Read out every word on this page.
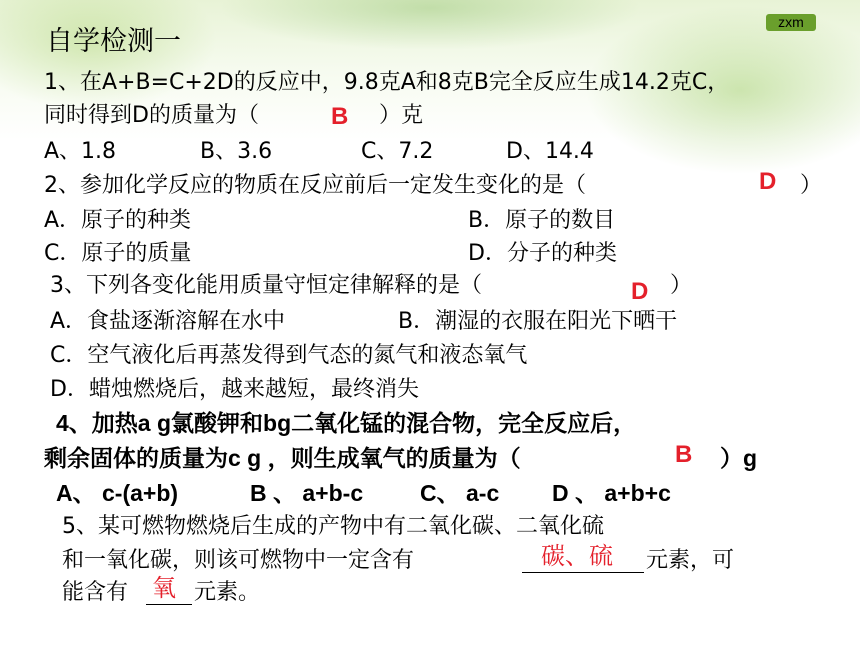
zxm
自学检测一
1、在A+B=C+2D的反应中，9.8克A和8克B完全反应生成14.2克C，
同时得到D的质量为（	B ）克
A、1.8	B、3.6	C、7.2	D、14.4
2、参加化学反应的物质在反应前后一定发生变化的是（	D ）
A．原子的种类	B．原子的数目
C．原子的质量	D．分子的种类
3、下列各变化能用质量守恒定律解释的是（	D ）
A．食盐逐渐溶解在水中	B．潮湿的衣服在阳光下晒干
C．空气液化后再蒸发得到气态的氮气和液态氧气
D．蜡烛燃烧后，越来越短，最终消失
4、加热a g氯酸钾和bg二氧化锰的混合物，完全反应后，
剩余固体的质量为c g ，则生成氧气的质量为（	B ）g
A、 c-(a+b)	B 、 a+b-c C、 a-c D 、 a+b+c
5、某可燃物燃烧后生成的产物中有二氧化碳、二氧化硫
和一氧化碳，则该可燃物中一定含有	碳、硫 元素，可
能含有 氧 元素。
